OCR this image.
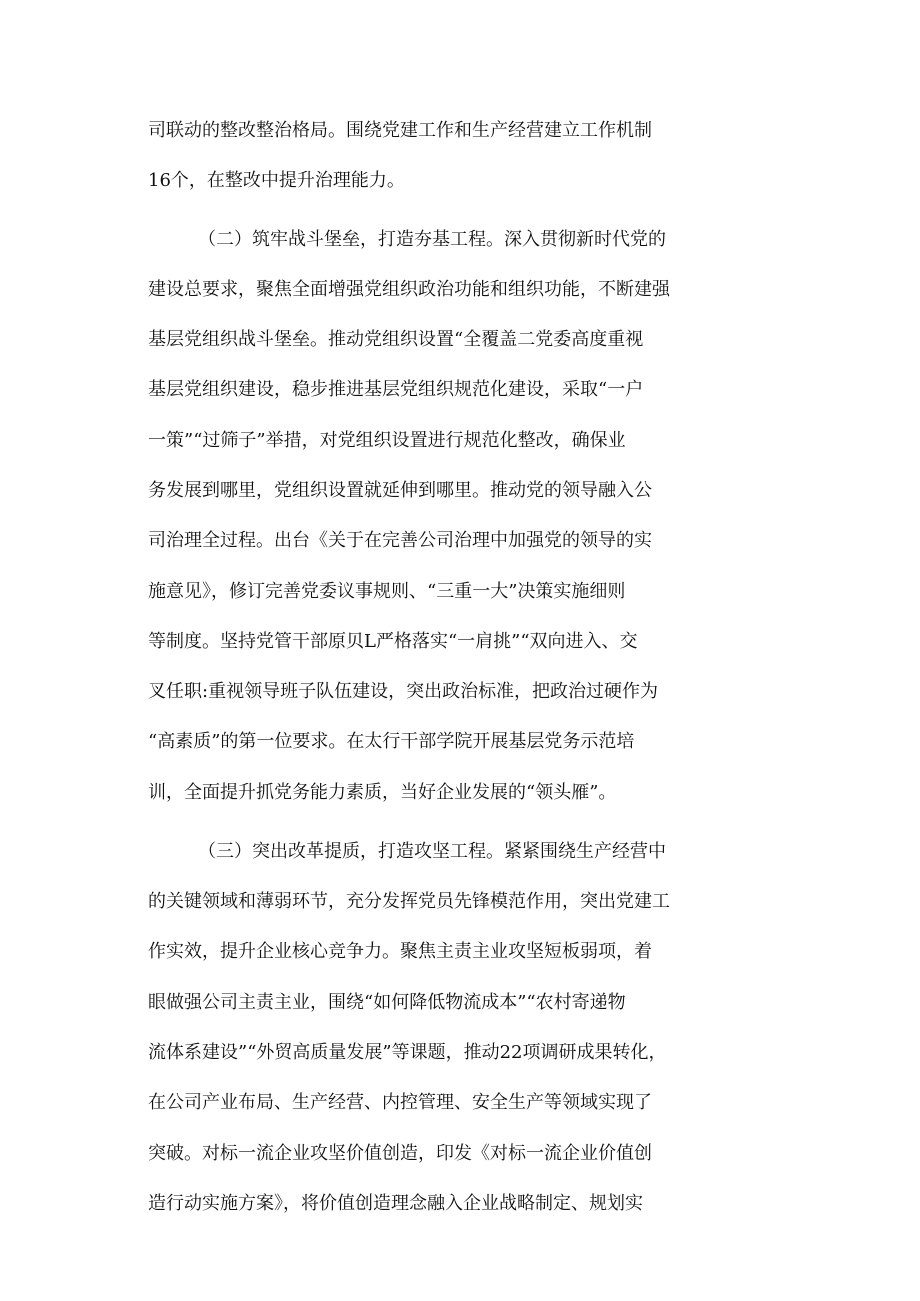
司联动的整改整治格局。围绕党建工作和生产经营建立工作机制
16个，在整改中提升治理能力。
（二）筑牢战斗堡垒，打造夯基工程。深入贯彻新时代党的
建设总要求，聚焦全面增强党组织政治功能和组织功能，不断建强
基层党组织战斗堡垒。推动党组织设置“全覆盖二党委高度重视
基层党组织建设，稳步推进基层党组织规范化建设，采取“一户
一策”“过筛子”举措，对党组织设置进行规范化整改，确保业
务发展到哪里，党组织设置就延伸到哪里。推动党的领导融入公
司治理全过程。出台《关于在完善公司治理中加强党的领导的实
施意见》，修订完善党委议事规则、“三重一大”决策实施细则
等制度。坚持党管干部原贝L严格落实“一肩挑”“双向进入、交
叉任职:重视领导班子队伍建设，突出政治标准，把政治过硬作为
“高素质”的第一位要求。在太行干部学院开展基层党务示范培
训，全面提升抓党务能力素质，当好企业发展的“领头雁”。
（三）突出改革提质，打造攻坚工程。紧紧围绕生产经营中
的关键领域和薄弱环节，充分发挥党员先锋模范作用，突出党建工
作实效，提升企业核心竞争力。聚焦主责主业攻坚短板弱项，着
眼做强公司主责主业，围绕“如何降低物流成本”“农村寄递物
流体系建设”“外贸高质量发展”等课题，推动22项调研成果转化，
在公司产业布局、生产经营、内控管理、安全生产等领域实现了
突破。对标一流企业攻坚价值创造，印发《对标一流企业价值创
造行动实施方案》，将价值创造理念融入企业战略制定、规划实
